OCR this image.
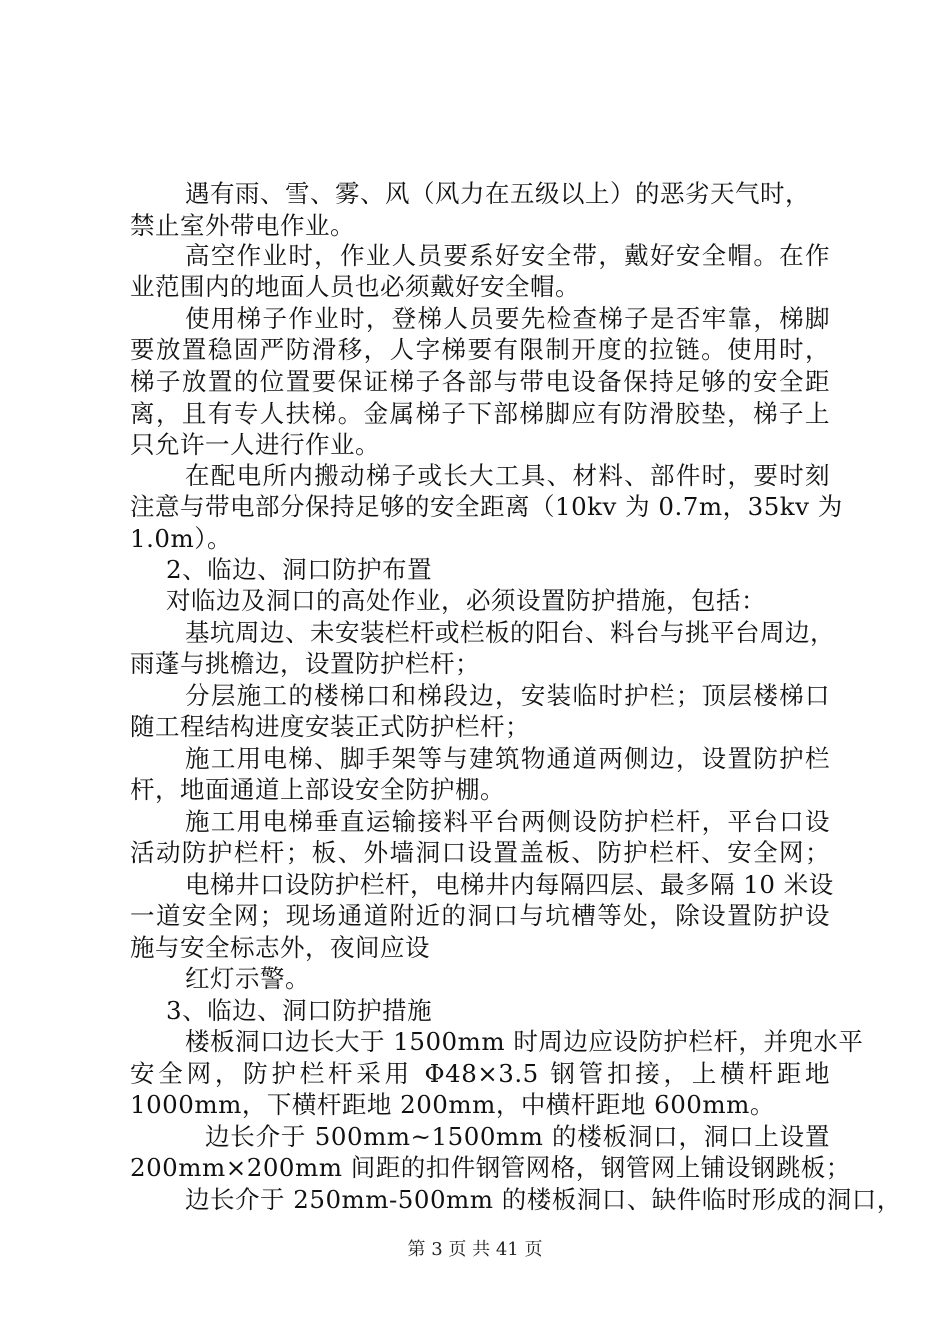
遇有雨、雪、雾、风（风力在五级以上）的恶劣天气时，
禁止室外带电作业。
高空作业时，作业人员要系好安全带，戴好安全帽。在作
业范围内的地面人员也必须戴好安全帽。
使用梯子作业时，登梯人员要先检查梯子是否牢靠，梯脚
要放置稳固严防滑移，人字梯要有限制开度的拉链。使用时，
梯子放置的位置要保证梯子各部与带电设备保持足够的安全距
离，且有专人扶梯。金属梯子下部梯脚应有防滑胶垫，梯子上
只允许一人进行作业。
在配电所内搬动梯子或长大工具、材料、部件时，要时刻
注意与带电部分保持足够的安全距离（10kv 为 0.7m，35kv 为
1.0m）。
2、临边、洞口防护布置
对临边及洞口的高处作业，必须设置防护措施，包括：
基坑周边、未安装栏杆或栏板的阳台、料台与挑平台周边，
雨蓬与挑檐边，设置防护栏杆；
分层施工的楼梯口和梯段边，安装临时护栏；顶层楼梯口
随工程结构进度安装正式防护栏杆；
施工用电梯、脚手架等与建筑物通道两侧边，设置防护栏
杆，地面通道上部设安全防护棚。
施工用电梯垂直运输接料平台两侧设防护栏杆，平台口设
活动防护栏杆；板、外墙洞口设置盖板、防护栏杆、安全网；
电梯井口设防护栏杆，电梯井内每隔四层、最多隔 10 米设
一道安全网；现场通道附近的洞口与坑槽等处，除设置防护设
施与安全标志外，夜间应设
红灯示警。
3、临边、洞口防护措施
楼板洞口边长大于 1500mm 时周边应设防护栏杆，并兜水平
安全网，防护栏杆采用 Φ48×3.5 钢管扣接，上横杆距地
1000mm，下横杆距地 200mm，中横杆距地 600mm。
边长介于 500mm~1500mm 的楼板洞口，洞口上设置
200mm×200mm 间距的扣件钢管网格，钢管网上铺设钢跳板；
边长介于 250mm-500mm 的楼板洞口、缺件临时形成的洞口，
第 3 页 共 41 页
